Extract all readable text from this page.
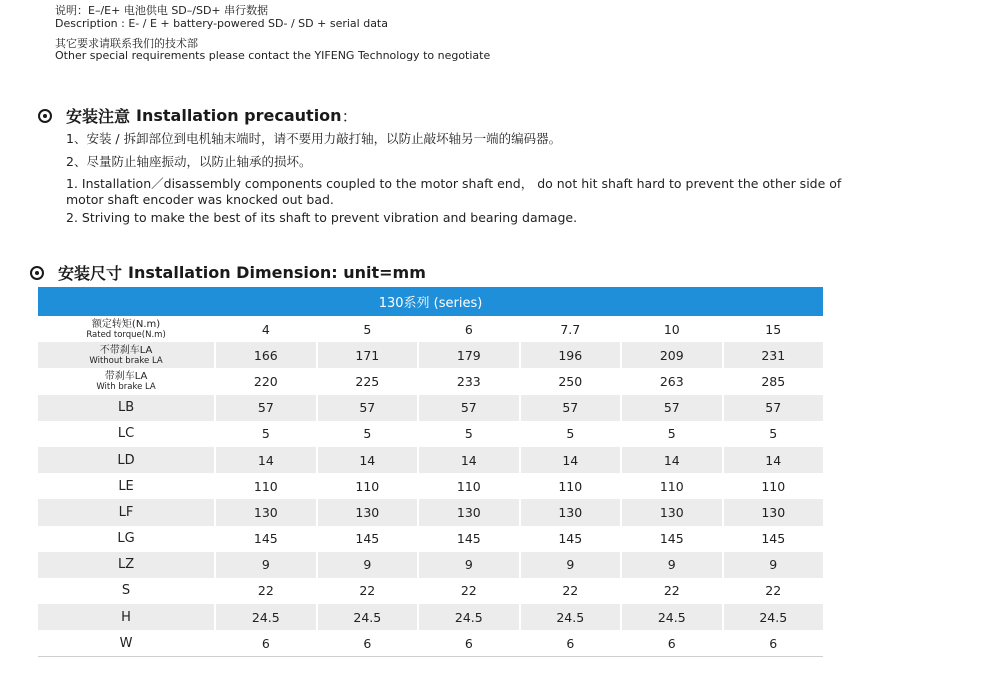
说明：E–/E+ 电池供电 SD–/SD+ 串行数据
Description : E- / E + battery-powered SD- / SD + serial data
其它要求请联系我们的技术部
Other special requirements please contact the YIFENG Technology to negotiate
安装注意 Installation precaution ：
1、安装 / 拆卸部位到电机轴末端时，请不要用力敲打轴，以防止敲坏轴另一端的编码器。
2、尽量防止轴座振动，以防止轴承的损坏。
1. Installation／disassembly components coupled to the motor shaft end， do not hit shaft hard to prevent the other side of motor shaft encoder was knocked out bad.
2. Striving to make the best of its shaft to prevent vibration and bearing damage.
安装尺寸 Installation Dimension: unit=mm
130系列 (series)
额定转矩(N.m)
Rated torque(N.m)	4	5	6	7.7	10	15
不带刹车LA
Without brake LA	166	171	179	196	209	231
带刹车LA
With brake LA	220	225	233	250	263	285
LB	57	57	57	57	57	57
LC	5	5	5	5	5	5
LD	14	14	14	14	14	14
LE	110	110	110	110	110	110
LF	130	130	130	130	130	130
LG	145	145	145	145	145	145
LZ	9	9	9	9	9	9
S	22	22	22	22	22	22
H	24.5	24.5	24.5	24.5	24.5	24.5
W	6	6	6	6	6	6
